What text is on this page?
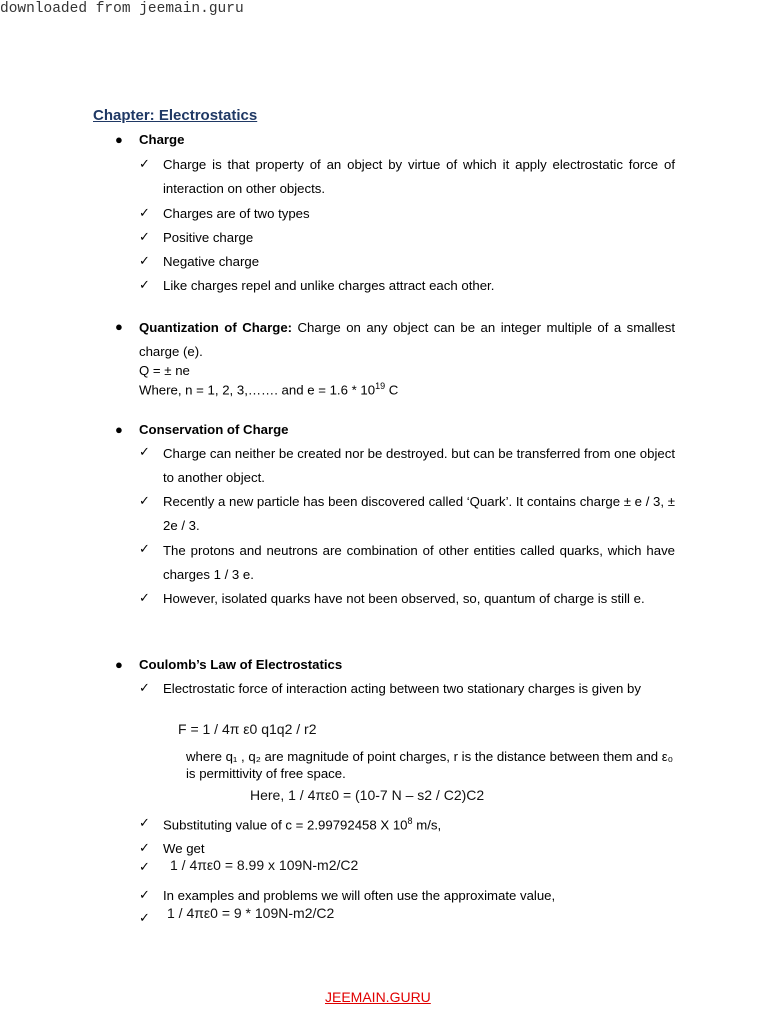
downloaded from jeemain.guru
Chapter: Electrostatics
● Charge
✓ Charge is that property of an object by virtue of which it apply electrostatic force of interaction on other objects.
✓ Charges are of two types
✓ Positive charge
✓ Negative charge
✓ Like charges repel and unlike charges attract each other.
● Quantization of Charge: Charge on any object can be an integer multiple of a smallest charge (e).
Q = ± ne
Where, n = 1, 2, 3,……. and $e = 1.6 * 10^{19}$ C
● Conservation of Charge
✓ Charge can neither be created nor be destroyed. but can be transferred from one object to another object.
✓ Recently a new particle has been discovered called ‘Quark’. It contains charge ± e / 3, ± 2e / 3.
✓ The protons and neutrons are combination of other entities called quarks, which have charges 1 / 3 e.
✓ However, isolated quarks have not been observed, so, quantum of charge is still e.
● Coulomb’s Law of Electrostatics
✓ Electrostatic force of interaction acting between two stationary charges is given by
F = 1 / 4π ε0 q1q2 / r2
where q₁ , q₂ are magnitude of point charges, r is the distance between them and ε₀ is permittivity of free space.
Here, 1 / 4πε0 = (10-7 N – s2 / C2)C2
✓ Substituting value of c = 2.99792458 X $10^8$ m/s,
✓ We get
✓ 1 / 4πε0 = 8.99 x 109N-m2/C2
✓ In examples and problems we will often use the approximate value,
✓ 1 / 4πε0 = 9 * 109N-m2/C2
JEEMAIN.GURU
